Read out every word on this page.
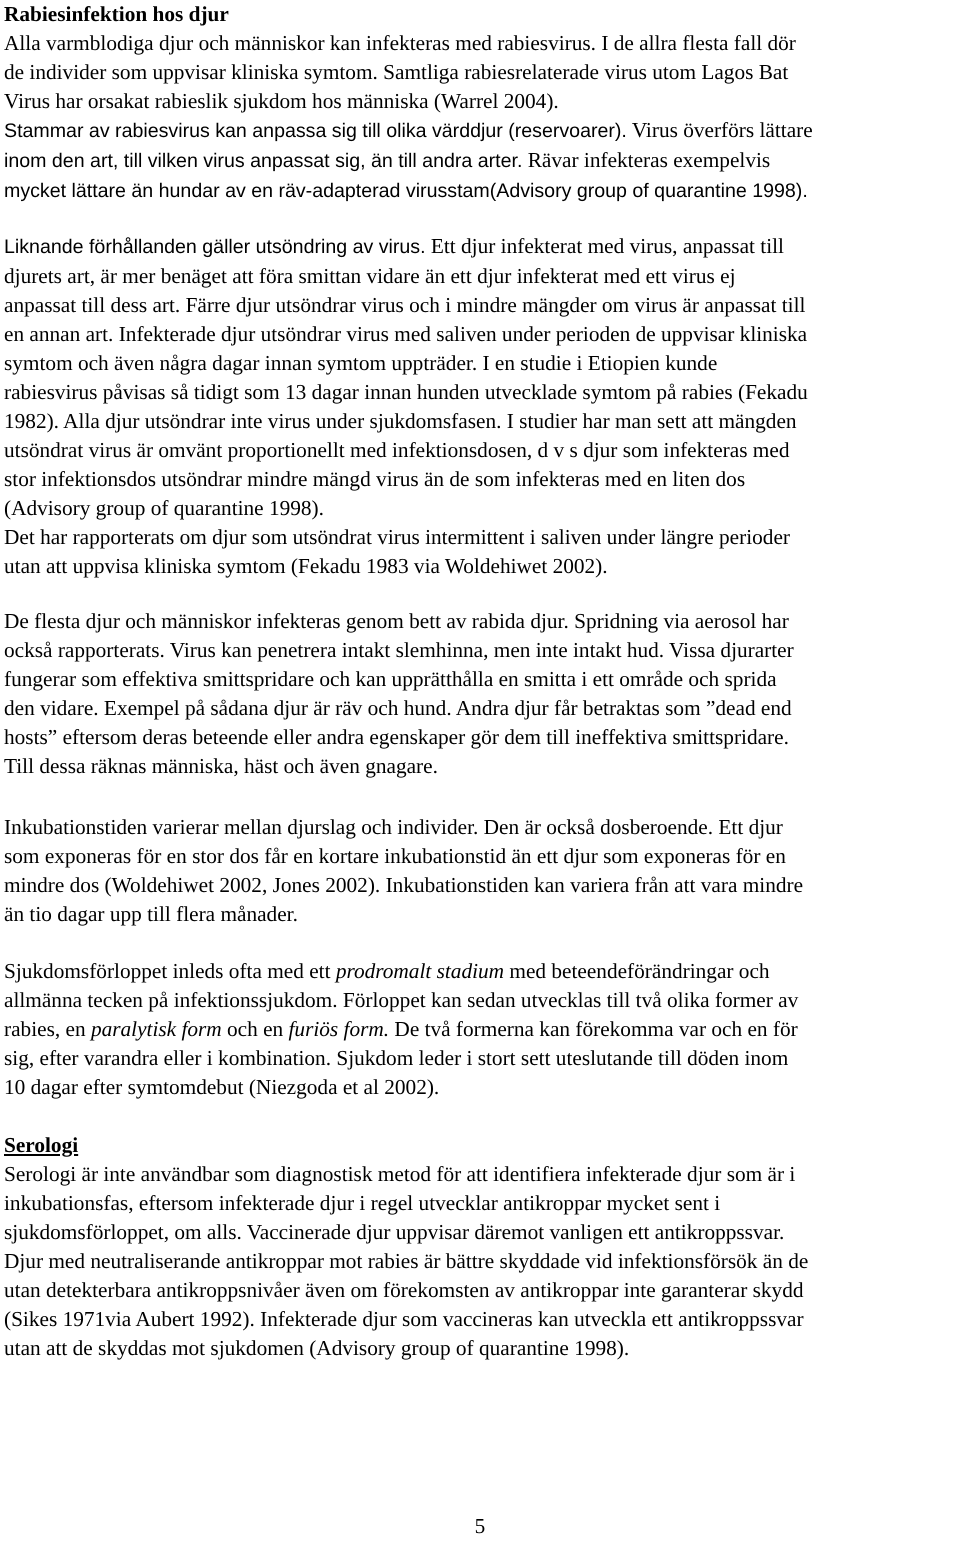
Rabiesinfektion hos djur
Alla varmblodiga djur och människor kan infekteras med rabiesvirus. I de allra flesta fall dör
de individer som uppvisar kliniska symtom. Samtliga rabiesrelaterade virus utom Lagos Bat
Virus har orsakat rabieslik sjukdom hos människa (Warrel 2004).
Stammar av rabiesvirus kan anpassa sig till olika värddjur (reservoarer). Virus överförs lättare
inom den art, till vilken virus anpassat sig, än till andra arter. Rävar infekteras exempelvis
mycket lättare än hundar av en räv-adapterad virusstam(Advisory group of quarantine 1998).
Liknande förhållanden gäller utsöndring av virus. Ett djur infekterat med virus, anpassat till
djurets art, är mer benäget att föra smittan vidare än ett djur infekterat med ett virus ej
anpassat till dess art. Färre djur utsöndrar virus och i mindre mängder om virus är anpassat till
en annan art. Infekterade djur utsöndrar virus med saliven under perioden de uppvisar kliniska
symtom och även några dagar innan symtom uppträder. I en studie i Etiopien kunde
rabiesvirus påvisas så tidigt som 13 dagar innan hunden utvecklade symtom på rabies (Fekadu
1982). Alla djur utsöndrar inte virus under sjukdomsfasen. I studier har man sett att mängden
utsöndrat virus är omvänt proportionellt med infektionsdosen, d v s djur som infekteras med
stor infektionsdos utsöndrar mindre mängd virus än de som infekteras med en liten dos
(Advisory group of quarantine 1998).
Det har rapporterats om djur som utsöndrat virus intermittent i saliven under längre perioder
utan att uppvisa kliniska symtom (Fekadu 1983 via Woldehiwet 2002).
De flesta djur och människor infekteras genom bett av rabida djur. Spridning via aerosol har
också rapporterats. Virus kan penetrera intakt slemhinna, men inte intakt hud. Vissa djurarter
fungerar som effektiva smittspridare och kan upprätthålla en smitta i ett område och sprida
den vidare. Exempel på sådana djur är räv och hund. Andra djur får betraktas som ”dead end
hosts” eftersom deras beteende eller andra egenskaper gör dem till ineffektiva smittspridare.
Till dessa räknas människa, häst och även gnagare.
Inkubationstiden varierar mellan djurslag och individer. Den är också dosberoende. Ett djur
som exponeras för en stor dos får en kortare inkubationstid än ett djur som exponeras för en
mindre dos (Woldehiwet 2002, Jones 2002). Inkubationstiden kan variera från att vara mindre
än tio dagar upp till flera månader.
Sjukdomsförloppet inleds ofta med ett prodromalt stadium med beteendeförändringar och
allmänna tecken på infektionssjukdom. Förloppet kan sedan utvecklas till två olika former av
rabies, en paralytisk form och en furiös form. De två formerna kan förekomma var och en för
sig, efter varandra eller i kombination. Sjukdom leder i stort sett uteslutande till döden inom
10 dagar efter symtomdebut (Niezgoda et al 2002).
Serologi
Serologi är inte användbar som diagnostisk metod för att identifiera infekterade djur som är i
inkubationsfas, eftersom infekterade djur i regel utvecklar antikroppar mycket sent i
sjukdomsförloppet, om alls. Vaccinerade djur uppvisar däremot vanligen ett antikroppssvar.
Djur med neutraliserande antikroppar mot rabies är bättre skyddade vid infektionsförsök än de
utan detekterbara antikroppsnivåer även om förekomsten av antikroppar inte garanterar skydd
(Sikes 1971via Aubert 1992). Infekterade djur som vaccineras kan utveckla ett antikroppssvar
utan att de skyddas mot sjukdomen (Advisory group of quarantine 1998).
5
